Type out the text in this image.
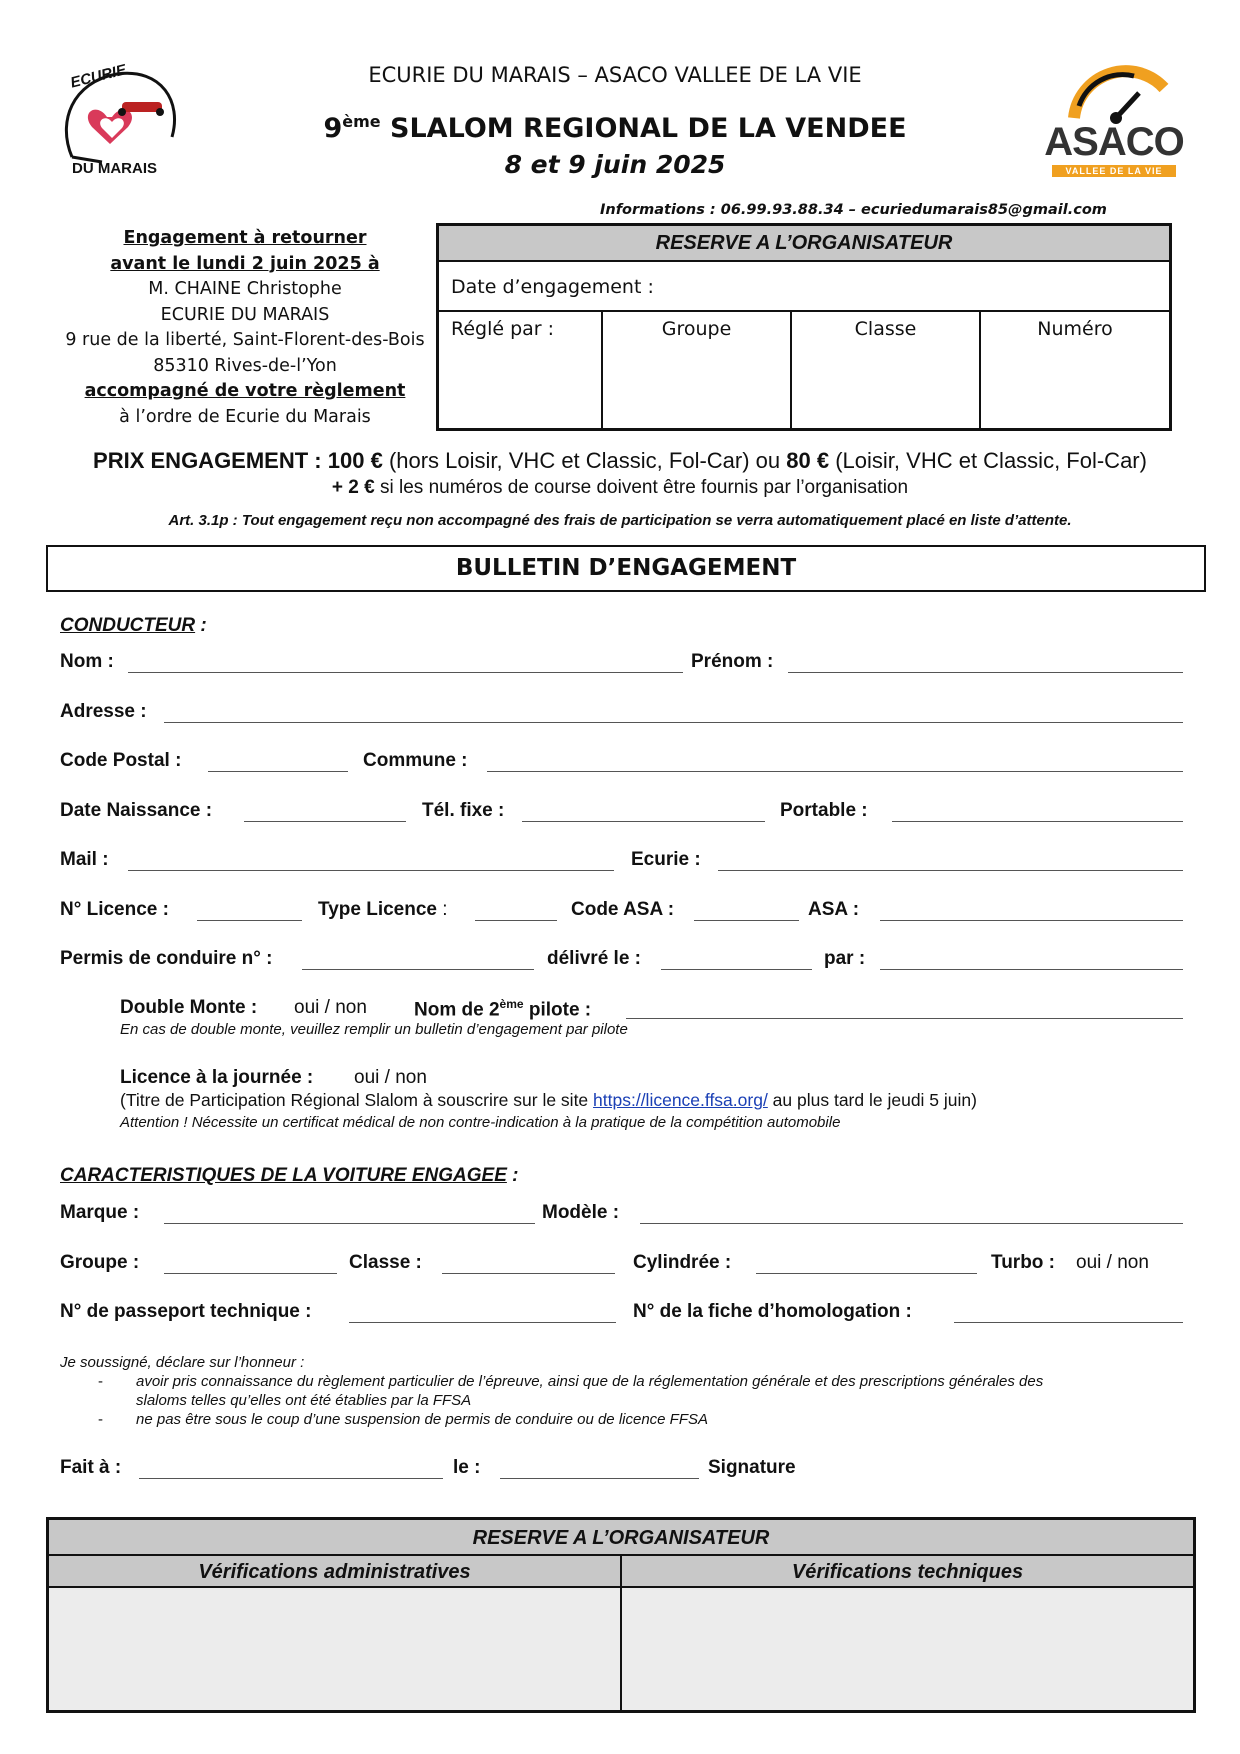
ECURIE
DU MARAIS
ECURIE DU MARAIS – ASACO VALLEE DE LA VIE
9ème SLALOM REGIONAL DE LA VENDEE
8 et 9 juin 2025
ASACO
VALLEE DE LA VIE
Informations : 06.99.93.88.34 – ecuriedumarais85@gmail.com
Engagement à retourner
avant le lundi 2 juin 2025 à
M. CHAINE Christophe
ECURIE DU MARAIS
9 rue de la liberté, Saint-Florent-des-Bois
85310 Rives-de-l’Yon
accompagné de votre règlement
à l’ordre de Ecurie du Marais
RESERVE A L’ORGANISATEUR
Date d’engagement :
Réglé par :	Groupe	Classe	Numéro
PRIX ENGAGEMENT : 100 € (hors Loisir, VHC et Classic, Fol-Car) ou 80 € (Loisir, VHC et Classic, Fol-Car)
+ 2 € si les numéros de course doivent être fournis par l’organisation
Art. 3.1p : Tout engagement reçu non accompagné des frais de participation se verra automatiquement placé en liste d’attente.
BULLETIN D’ENGAGEMENT
CONDUCTEUR :
Nom :	Prénom :
Adresse :
Code Postal :	Commune :
Date Naissance :	Tél. fixe :	Portable :
Mail :	Ecurie :
N° Licence :	Type Licence :	Code ASA :	ASA :
Permis de conduire n° :	délivré le :	par :
Double Monte : oui / non Nom de 2ème pilote :
En cas de double monte, veuillez remplir un bulletin d’engagement par pilote
Licence à la journée : oui / non
(Titre de Participation Régional Slalom à souscrire sur le site https://licence.ffsa.org/ au plus tard le jeudi 5 juin)
Attention ! Nécessite un certificat médical de non contre-indication à la pratique de la compétition automobile
CARACTERISTIQUES DE LA VOITURE ENGAGEE :
Marque :	Modèle :
Groupe :	Classe :	Cylindrée :	Turbo : oui / non
N° de passeport technique :	N° de la fiche d’homologation :
Je soussigné, déclare sur l’honneur :
- avoir pris connaissance du règlement particulier de l’épreuve, ainsi que de la réglementation générale et des prescriptions générales des
slaloms telles qu’elles ont été établies par la FFSA
- ne pas être sous le coup d’une suspension de permis de conduire ou de licence FFSA
Fait à :	le :	Signature
RESERVE A L’ORGANISATEUR
Vérifications administratives	Vérifications techniques
